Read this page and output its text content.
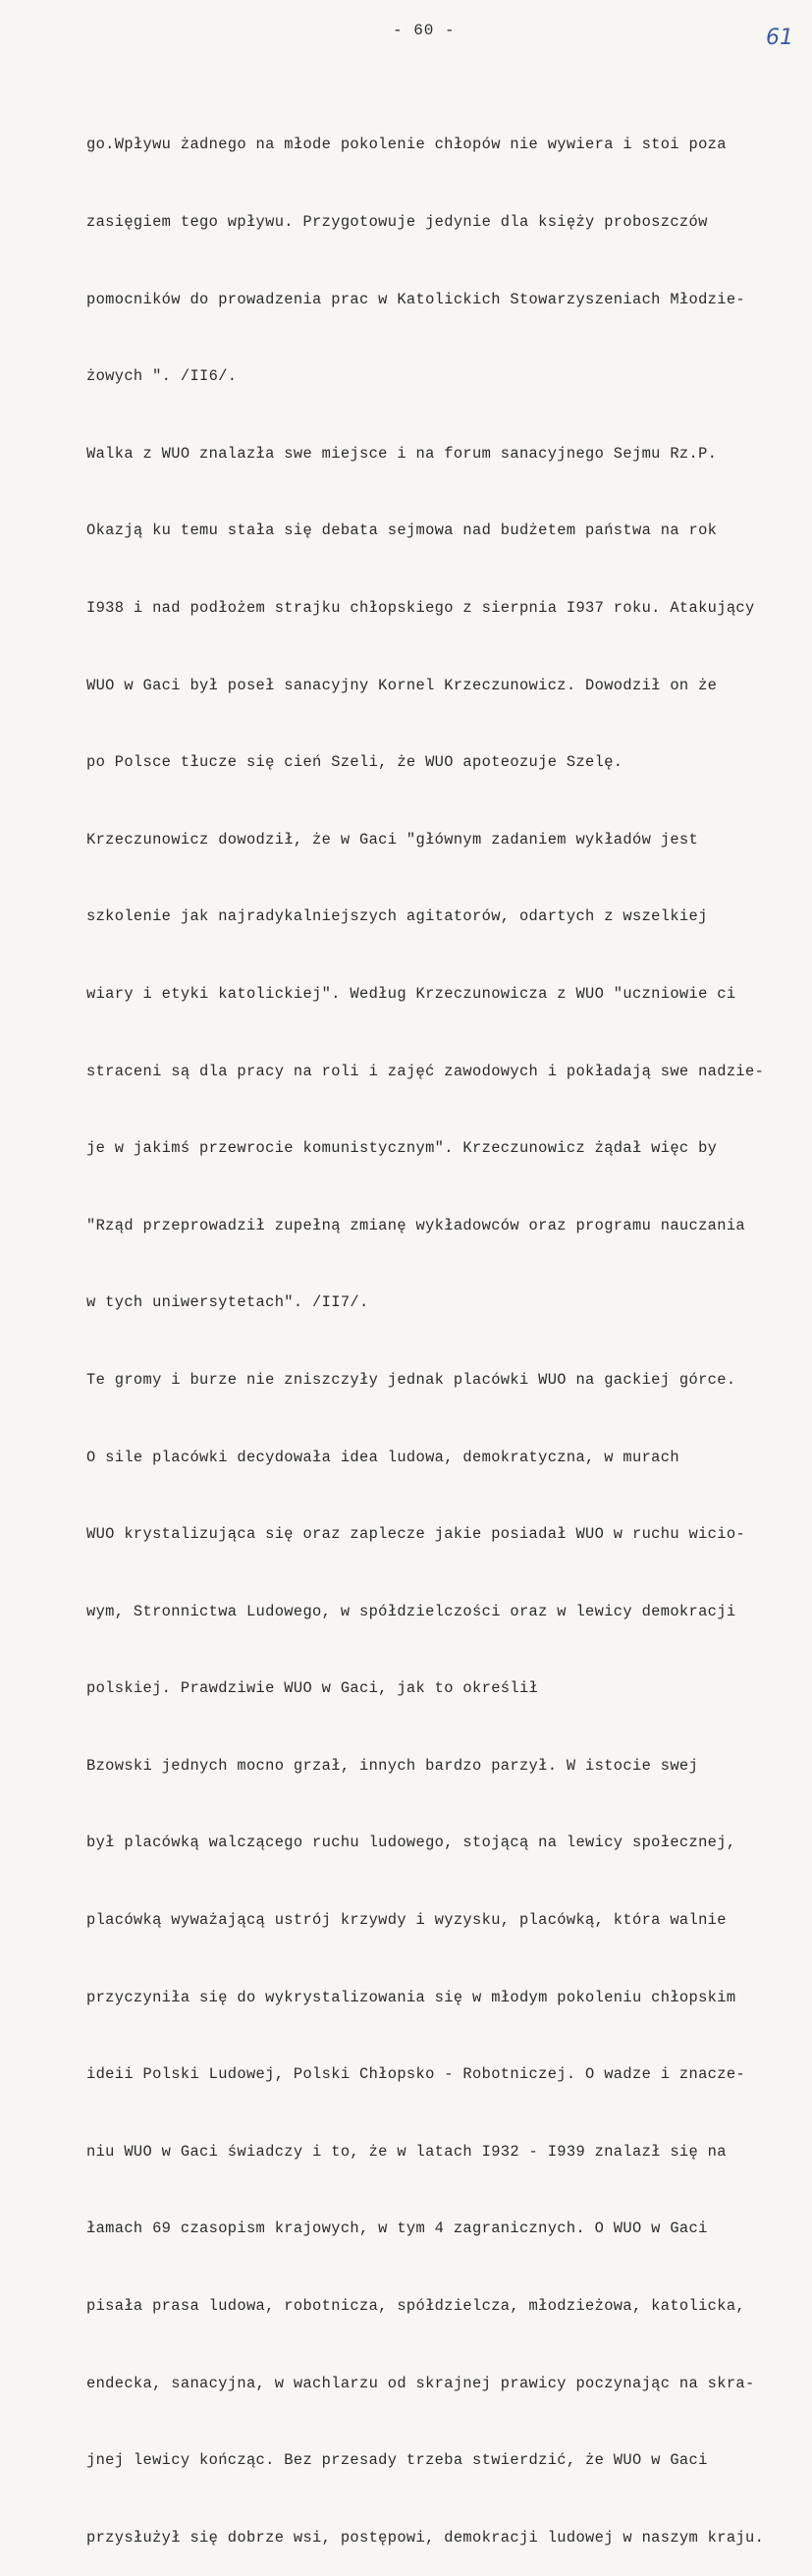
- 60 -	61

go.Wpływu żadnego na młode pokolenie chłopów nie wywiera i stoi poza

zasięgiem tego wpływu. Przygotowuje jedynie dla księży proboszczów

pomocników do prowadzenia prac w Katolickich Stowarzyszeniach Młodzie-

żowych ". /II6/.

Walka z WUO znalazła swe miejsce i na forum sanacyjnego Sejmu Rz.P.

Okazją ku temu stała się debata sejmowa nad budżetem państwa na rok

I938 i nad podłożem strajku chłopskiego z sierpnia I937 roku. Atakujący

WUO w Gaci był poseł sanacyjny Kornel Krzeczunowicz. Dowodził on że

po Polsce tłucze się cień Szeli, że WUO apoteozuje Szelę.

Krzeczunowicz dowodził, że w Gaci "głównym zadaniem wykładów jest

szkolenie jak najradykalniejszych agitatorów, odartych z wszelkiej

wiary i etyki katolickiej". Według Krzeczunowicza z WUO "uczniowie ci

straceni są dla pracy na roli i zajęć zawodowych i pokładają swe nadzie-

je w jakimś przewrocie komunistycznym". Krzeczunowicz żądał więc by

"Rząd przeprowadził zupełną zmianę wykładowców oraz programu nauczania

w tych uniwersytetach". /II7/.

Te gromy i burze nie zniszczyły jednak placówki WUO na gackiej górce.

O sile placówki decydowała idea ludowa, demokratyczna, w murach

WUO krystalizująca się oraz zaplecze jakie posiadał WUO w ruchu wicio-

wym, Stronnictwa Ludowego, w spółdzielczości oraz w lewicy demokracji

polskiej. Prawdziwie WUO w Gaci, jak to określił

Bzowski jednych mocno grzał, innych bardzo parzył. W istocie swej

był placówką walczącego ruchu ludowego, stojącą na lewicy społecznej,

placówką wyważającą ustrój krzywdy i wyzysku, placówką, która walnie

przyczyniła się do wykrystalizowania się w młodym pokoleniu chłopskim

ideii Polski Ludowej, Polski Chłopsko - Robotniczej. O wadze i znacze-

niu WUO w Gaci świadczy i to, że w latach I932 - I939 znalazł się na

łamach 69 czasopism krajowych, w tym 4 zagranicznych. O WUO w Gaci

pisała prasa ludowa, robotnicza, spółdzielcza, młodzieżowa, katolicka,

endecka, sanacyjna, w wachlarzu od skrajnej prawicy poczynając na skra-

jnej lewicy kończąc. Bez przesady trzeba stwierdzić, że WUO w Gaci

przysłużył się dobrze wsi, postępowi, demokracji ludowej w naszym kraju.
